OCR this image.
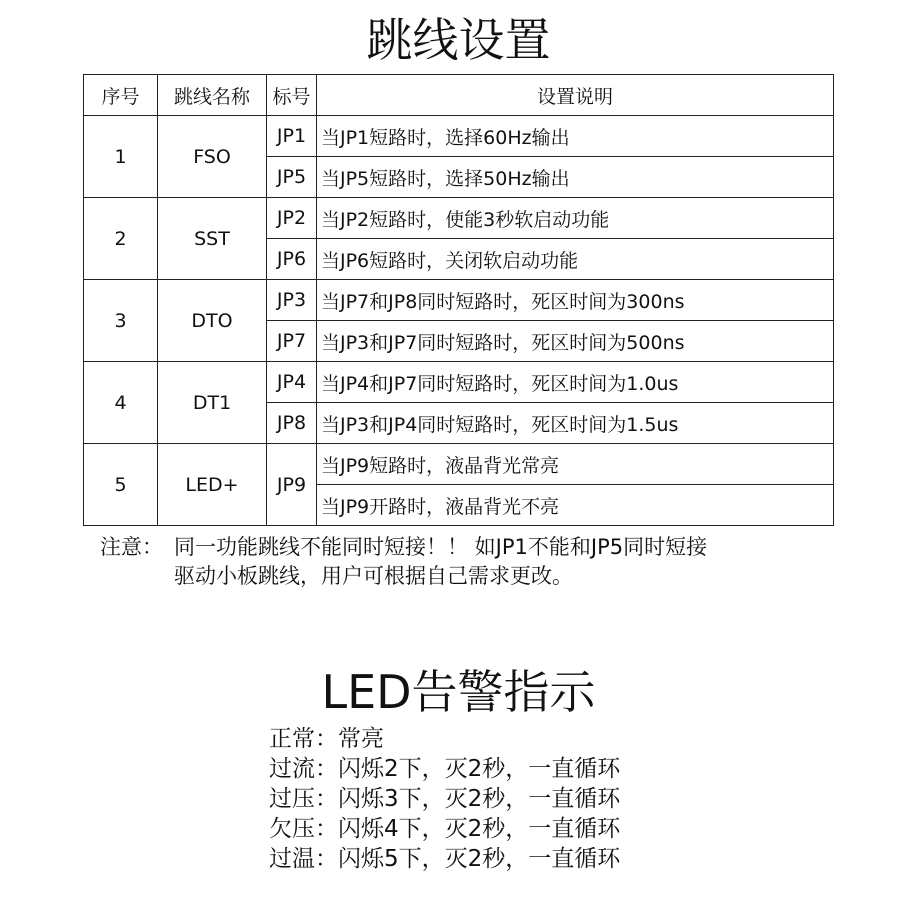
跳线设置
序号	跳线名称	标号	设置说明
1	FSO	JP1	当JP1短路时，选择60Hz输出
		JP5	当JP5短路时，选择50Hz输出
2	SST	JP2	当JP2短路时，使能3秒软启动功能
		JP6	当JP6短路时，关闭软启动功能
3	DTO	JP3	当JP7和JP8同时短路时，死区时间为300ns
		JP7	当JP3和JP7同时短路时，死区时间为500ns
4	DT1	JP4	当JP4和JP7同时短路时，死区时间为1.0us
		JP8	当JP3和JP4同时短路时，死区时间为1.5us
5	LED+	JP9	当JP9短路时，液晶背光常亮
			当JP9开路时，液晶背光不亮
注意： 同一功能跳线不能同时短接！！ 如JP1不能和JP5同时短接
驱动小板跳线，用户可根据自己需求更改。
LED告警指示
正常：常亮
过流：闪烁2下，灭2秒，一直循环
过压：闪烁3下，灭2秒，一直循环
欠压：闪烁4下，灭2秒，一直循环
过温：闪烁5下，灭2秒，一直循环
